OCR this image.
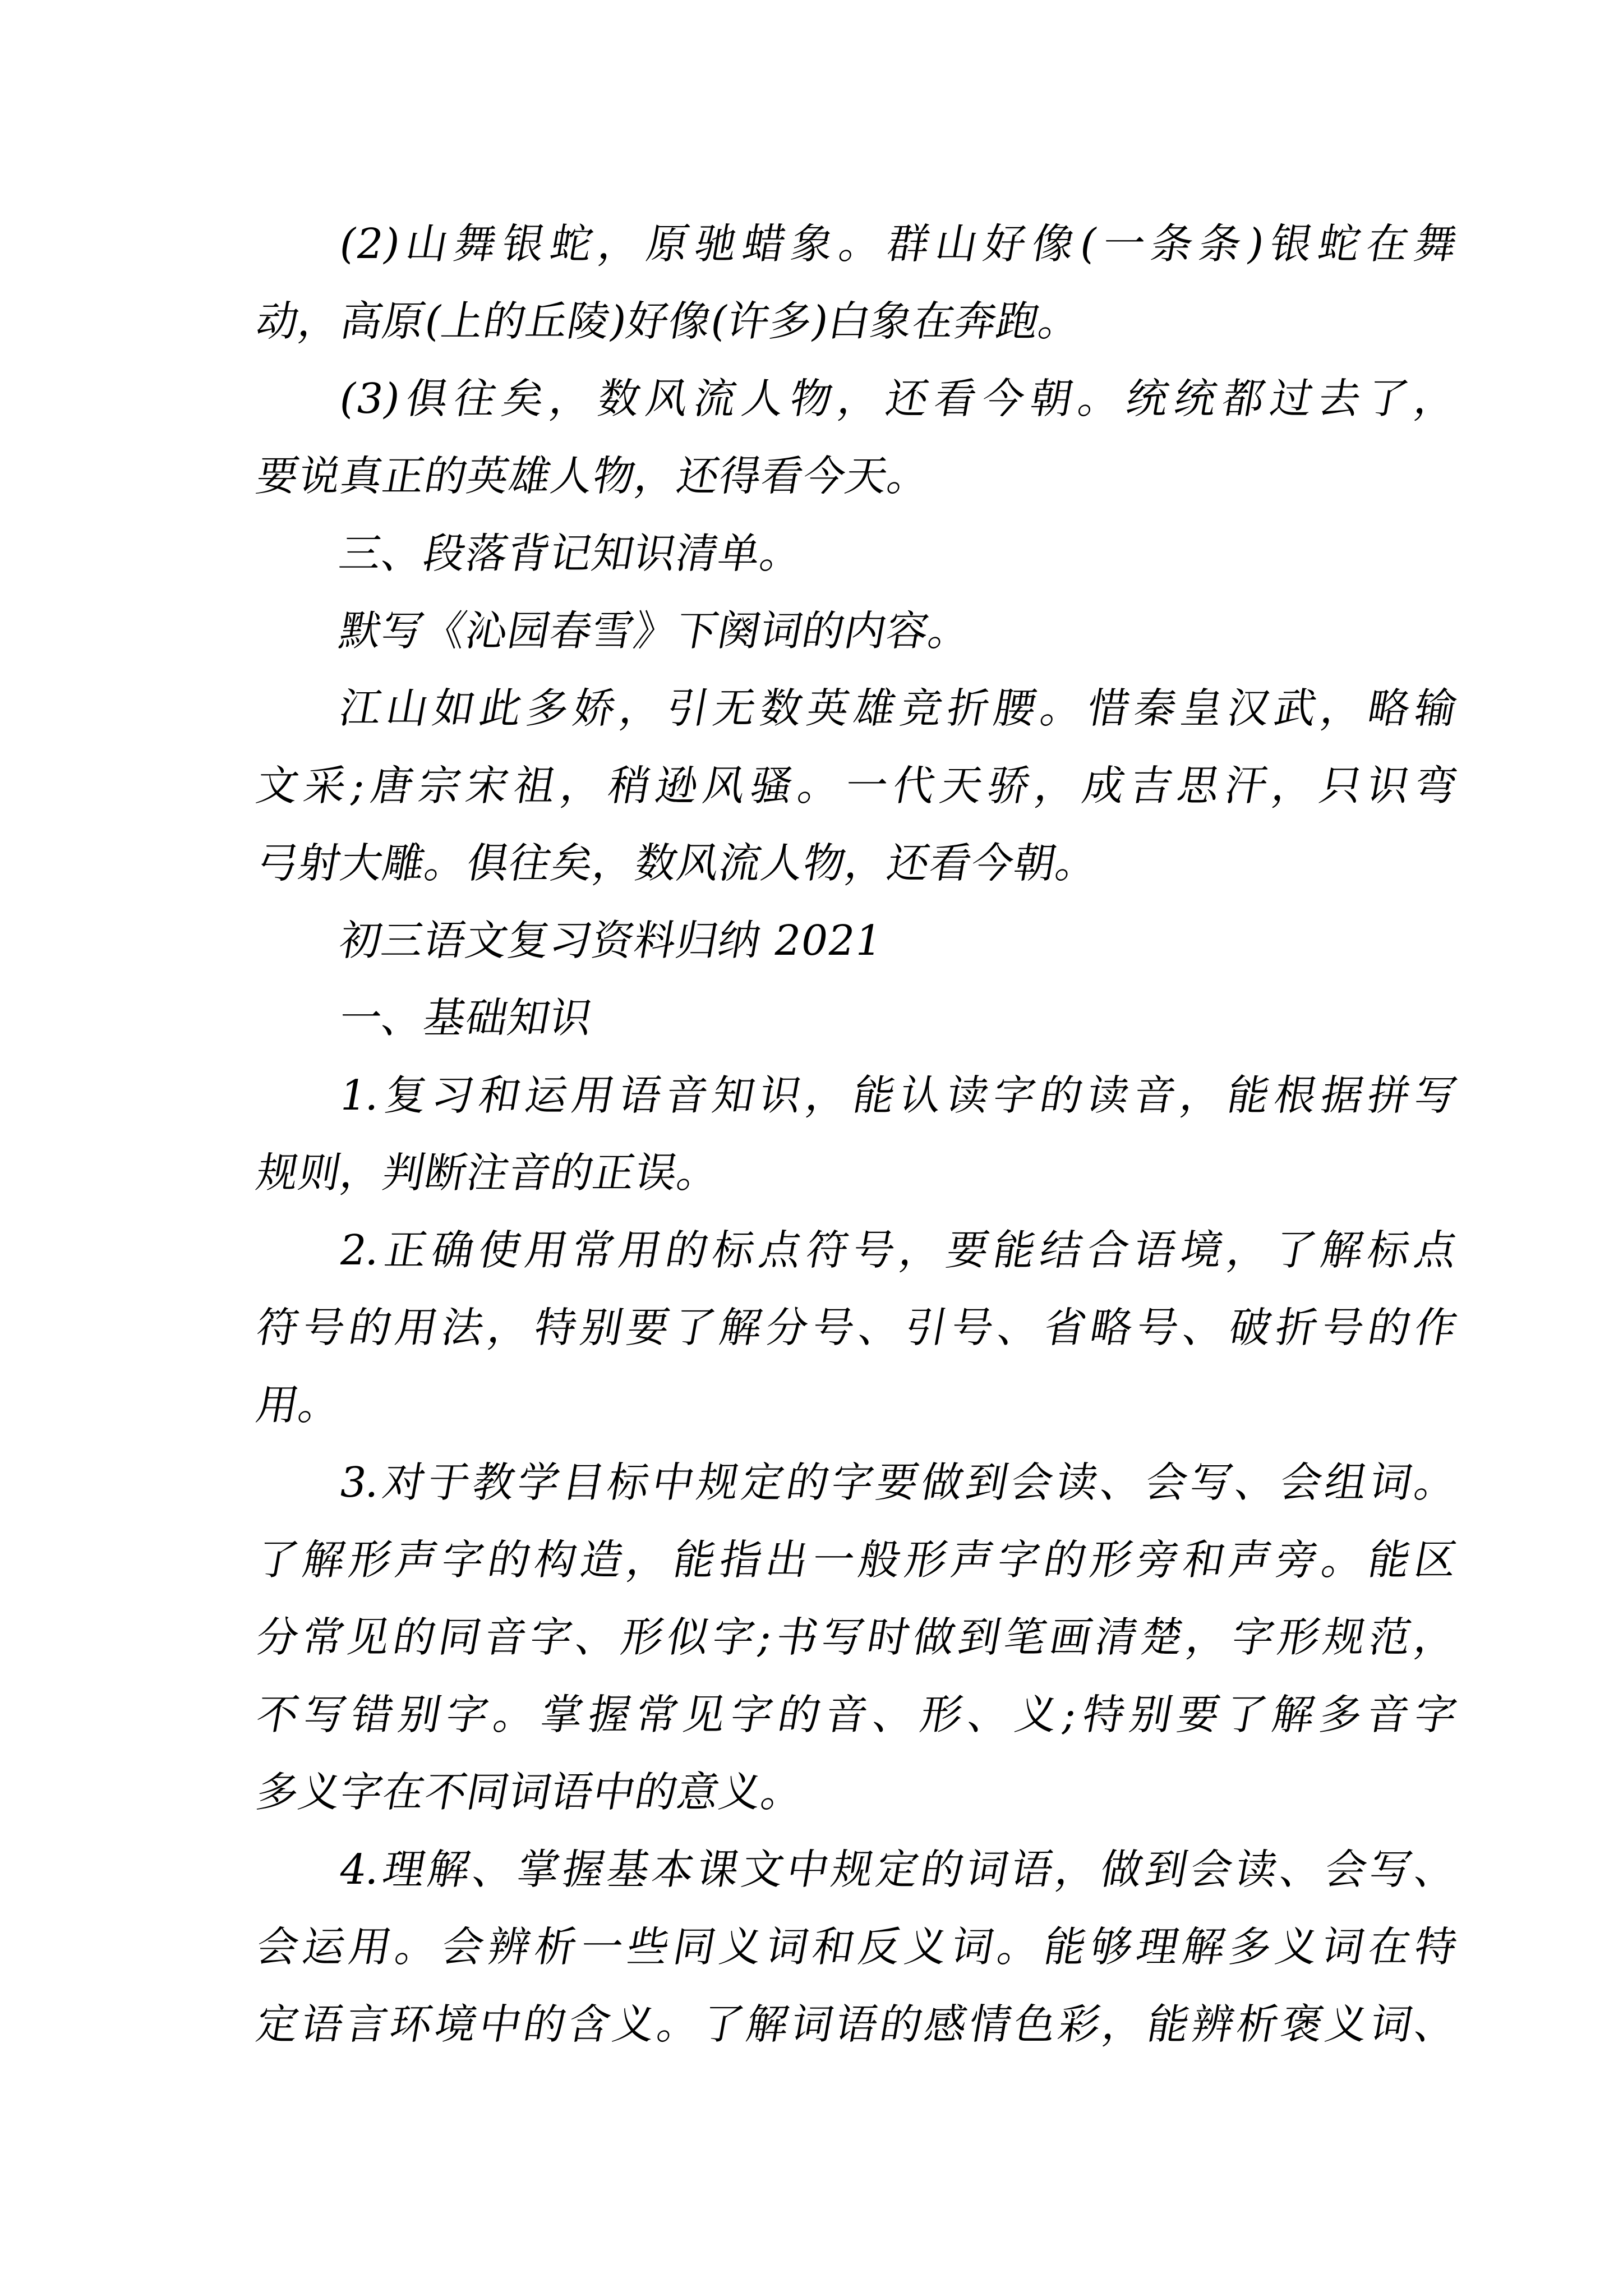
(2)山舞银蛇，原驰蜡象。群山好像(一条条)银蛇在舞
动，高原(上的丘陵)好像(许多)白象在奔跑。
(3)俱往矣，数风流人物，还看今朝。统统都过去了，
要说真正的英雄人物，还得看今天。
三、段落背记知识清单。
默写《沁园春雪》下阕词的内容。
江山如此多娇，引无数英雄竞折腰。惜秦皇汉武，略输
文采;唐宗宋祖，稍逊风骚。一代天骄，成吉思汗，只识弯
弓射大雕。俱往矣，数风流人物，还看今朝。
初三语文复习资料归纳 2021
一、基础知识
1.复习和运用语音知识，能认读字的读音，能根据拼写
规则，判断注音的正误。
2.正确使用常用的标点符号，要能结合语境，了解标点
符号的用法，特别要了解分号、引号、省略号、破折号的作
用。
3.对于教学目标中规定的字要做到会读、会写、会组词。
了解形声字的构造，能指出一般形声字的形旁和声旁。能区
分常见的同音字、形似字;书写时做到笔画清楚，字形规范，
不写错别字。掌握常见字的音、形、义;特别要了解多音字
多义字在不同词语中的意义。
4.理解、掌握基本课文中规定的词语，做到会读、会写、
会运用。会辨析一些同义词和反义词。能够理解多义词在特
定语言环境中的含义。了解词语的感情色彩，能辨析褒义词、
